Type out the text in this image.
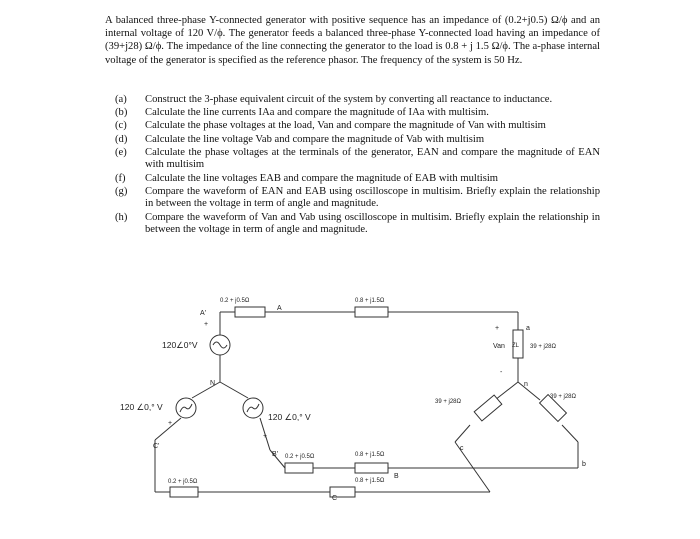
A balanced three-phase Y-connected generator with positive sequence has an impedance of (0.2+j0.5) Ω/ϕ and an internal voltage of 120 V/ϕ. The generator feeds a balanced three-phase Y-connected load having an impedance of (39+j28) Ω/ϕ. The impedance of the line connecting the generator to the load is 0.8 + j 1.5 Ω/ϕ. The a-phase internal voltage of the generator is specified as the reference phasor. The frequency of the system is 50 Hz.

(a)	Construct the 3-phase equivalent circuit of the system by converting all reactance to inductance.
(b)	Calculate the line currents IAa and compare the magnitude of IAa with multisim.
(c)	Calculate the phase voltages at the load, Van and compare the magnitude of Van with multisim
(d)	Calculate the line voltage Vab and compare the magnitude of Vab with multisim
(e)	Calculate the phase voltages at the terminals of the generator, EAN and compare the magnitude of EAN with multisim
(f)	Calculate the line voltages EAB and compare the magnitude of EAB with multisim
(g)	Compare the waveform of EAN and EAB using oscilloscope in multisim. Briefly explain the relationship in between the voltage in term of angle and magnitude.
(h)	Compare the waveform of Van and Vab using oscilloscope in multisim. Briefly explain the relationship in between the voltage in term of angle and magnitude.
0.2 + j0.5Ω	0.8 + j1.5Ω
A'
A
+
120∠0°V
N
120 ∠0,° V
+
120 ∠0,° V
+
C'
B' 0.2 + j0.5Ω	0.8 + j1.5Ω
B
0.2 + j0.5Ω	0.8 + j1.5Ω
C
+
Van
-
a
ZL 39 + j28Ω
n
39 + j28Ω
39 + j28Ω
c
b
